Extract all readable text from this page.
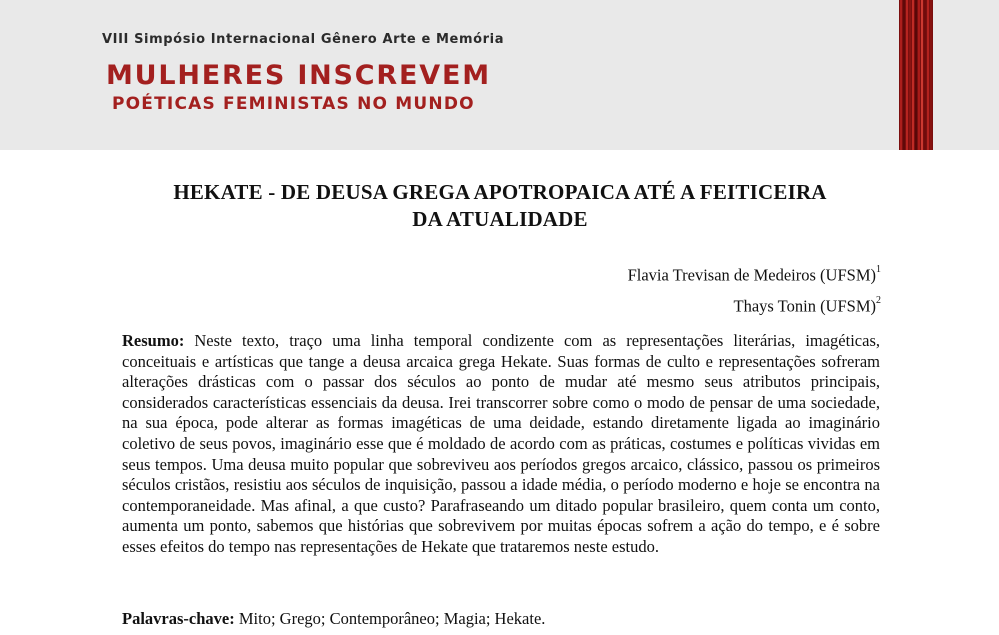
VIII Simpósio Internacional Gênero Arte e Memória
MULHERES INSCREVEM
POÉTICAS FEMINISTAS NO MUNDO
HEKATE - DE DEUSA GREGA APOTROPAICA ATÉ A FEITICEIRA
DA ATUALIDADE
Flavia Trevisan de Medeiros (UFSM)$^1$
Thays Tonin (UFSM)$^2$

Resumo: Neste texto, traço uma linha temporal condizente com as representações literárias, imagéticas, conceituais e artísticas que tange a deusa arcaica grega Hekate. Suas formas de culto e representações sofreram alterações drásticas com o passar dos séculos ao ponto de mudar até mesmo seus atributos principais, considerados características essenciais da deusa. Irei transcorrer sobre como o modo de pensar de uma sociedade, na sua época, pode alterar as formas imagéticas de uma deidade, estando diretamente ligada ao imaginário coletivo de seus povos, imaginário esse que é moldado de acordo com as práticas, costumes e políticas vividas em seus tempos. Uma deusa muito popular que sobreviveu aos períodos gregos arcaico, clássico, passou os primeiros séculos cristãos, resistiu aos séculos de inquisição, passou a idade média, o período moderno e hoje se encontra na contemporaneidade. Mas afinal, a que custo? Parafraseando um ditado popular brasileiro, quem conta um conto, aumenta um ponto, sabemos que histórias que sobrevivem por muitas épocas sofrem a ação do tempo, e é sobre esses efeitos do tempo nas representações de Hekate que trataremos neste estudo.

Palavras-chave: Mito; Grego; Contemporâneo; Magia; Hekate.
